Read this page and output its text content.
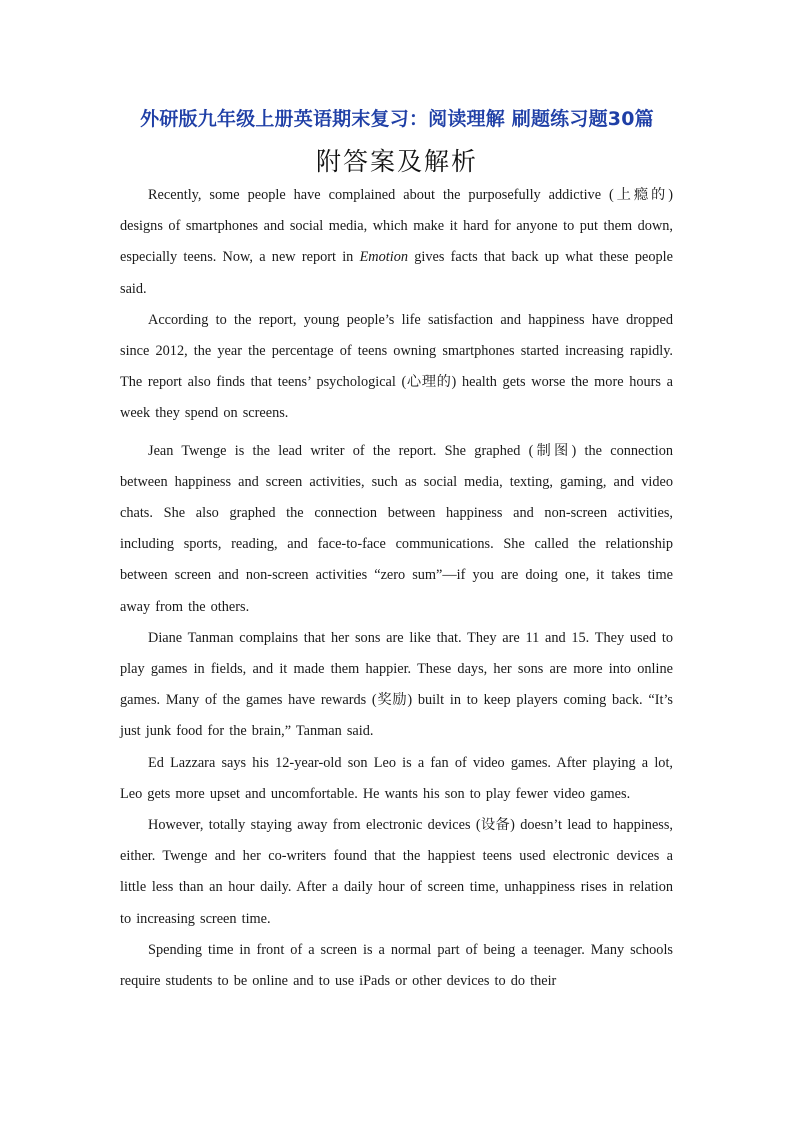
外研版九年级上册英语期末复习：阅读理解 刷题练习题30篇
附答案及解析

Recently, some people have complained about the purposefully addictive (上瘾的) designs of smartphones and social media, which make it hard for anyone to put them down, especially teens. Now, a new report in Emotion gives facts that back up what these people said.

According to the report, young people’s life satisfaction and happiness have dropped since 2012, the year the percentage of teens owning smartphones started increasing rapidly. The report also finds that teens’ psychological (心理的) health gets worse the more hours a week they spend on screens.

Jean Twenge is the lead writer of the report. She graphed (制图) the connection between happiness and screen activities, such as social media, texting, gaming, and video chats. She also graphed the connection between happiness and non-screen activities, including sports, reading, and face-to-face communications. She called the relationship between screen and non-screen activities “zero sum”—if you are doing one, it takes time away from the others.

Diane Tanman complains that her sons are like that. They are 11 and 15. They used to play games in fields, and it made them happier. These days, her sons are more into online games. Many of the games have rewards (奖励) built in to keep players coming back. “It’s just junk food for the brain,” Tanman said.

Ed Lazzara says his 12-year-old son Leo is a fan of video games. After playing a lot, Leo gets more upset and uncomfortable. He wants his son to play fewer video games.

However, totally staying away from electronic devices (设备) doesn’t lead to happiness, either. Twenge and her co-writers found that the happiest teens used electronic devices a little less than an hour daily. After a daily hour of screen time, unhappiness rises in relation to increasing screen time.

Spending time in front of a screen is a normal part of being a teenager. Many schools require students to be online and to use iPads or other devices to do their
